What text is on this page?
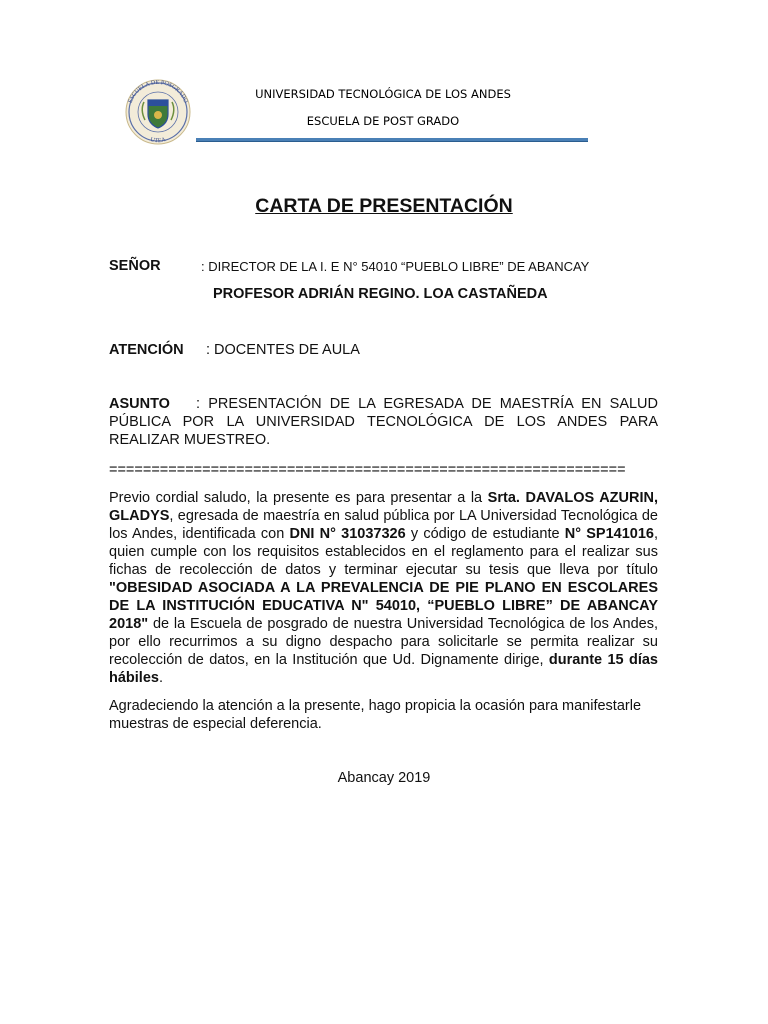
ESCUELA DE POSGRADO
UTEA
UNIVERSIDAD TECNOLÓGICA DE LOS ANDES
ESCUELA DE POST GRADO
CARTA DE PRESENTACIÓN
SEÑOR	: DIRECTOR DE LA I. E N° 54010 “PUEBLO LIBRE” DE ABANCAY
PROFESOR ADRIÁN REGINO. LOA CASTAÑEDA
ATENCIÓN : DOCENTES DE AULA
ASUNTO : PRESENTACIÓN DE LA EGRESADA DE MAESTRÍA EN SALUD PÚBLICA POR LA UNIVERSIDAD TECNOLÓGICA DE LOS ANDES PARA REALIZAR MUESTREO.
=============================================================
Previo cordial saludo, la presente es para presentar a la Srta. DAVALOS AZURIN, GLADYS, egresada de maestría en salud pública por LA Universidad Tecnológica de los Andes, identificada con DNI N° 31037326 y código de estudiante N° SP141016, quien cumple con los requisitos establecidos en el reglamento para el realizar sus fichas de recolección de datos y terminar ejecutar su tesis que lleva por título "OBESIDAD ASOCIADA A LA PREVALENCIA DE PIE PLANO EN ESCOLARES DE LA INSTITUCIÓN EDUCATIVA N" 54010, “PUEBLO LIBRE” DE ABANCAY 2018" de la Escuela de posgrado de nuestra Universidad Tecnológica de los Andes, por ello recurrimos a su digno despacho para solicitarle se permita realizar su recolección de datos, en la Institución que Ud. Dignamente dirige, durante 15 días hábiles.
Agradeciendo la atención a la presente, hago propicia la ocasión para manifestarle muestras de especial deferencia.
Abancay 2019
